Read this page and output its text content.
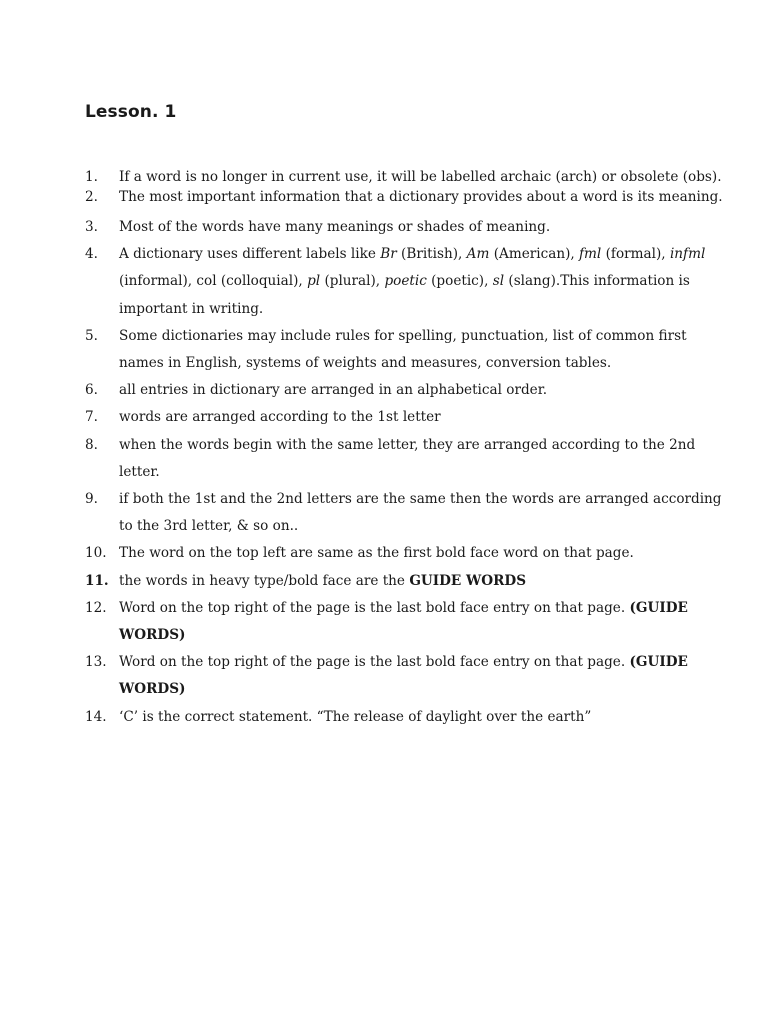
Lesson. 1
1.	If a word is no longer in current use, it will be labelled archaic (arch) or obsolete (obs).
2.	The most important information that a dictionary provides about a word is its meaning.
3.	Most of the words have many meanings or shades of meaning.
4.	A dictionary uses different labels like Br (British), Am (American), fml (formal), infml (informal), col (colloquial), pl (plural), poetic (poetic), sl (slang).This information is important in writing.
5.	Some dictionaries may include rules for spelling, punctuation, list of common first names in English, systems of weights and measures, conversion tables.
6.	all entries in dictionary are arranged in an alphabetical order.
7.	words are arranged according to the 1st letter
8.	when the words begin with the same letter, they are arranged according to the 2nd letter.
9.	if both the 1st and the 2nd letters are the same then the words are arranged according to the 3rd letter, & so on..
10. The word on the top left are same as the first bold face word on that page.
11. the words in heavy type/bold face are the GUIDE WORDS
12. Word on the top right of the page is the last bold face entry on that page. (GUIDE WORDS)
13. Word on the top right of the page is the last bold face entry on that page. (GUIDE WORDS)
14. ‘C’ is the correct statement. “The release of daylight over the earth”
